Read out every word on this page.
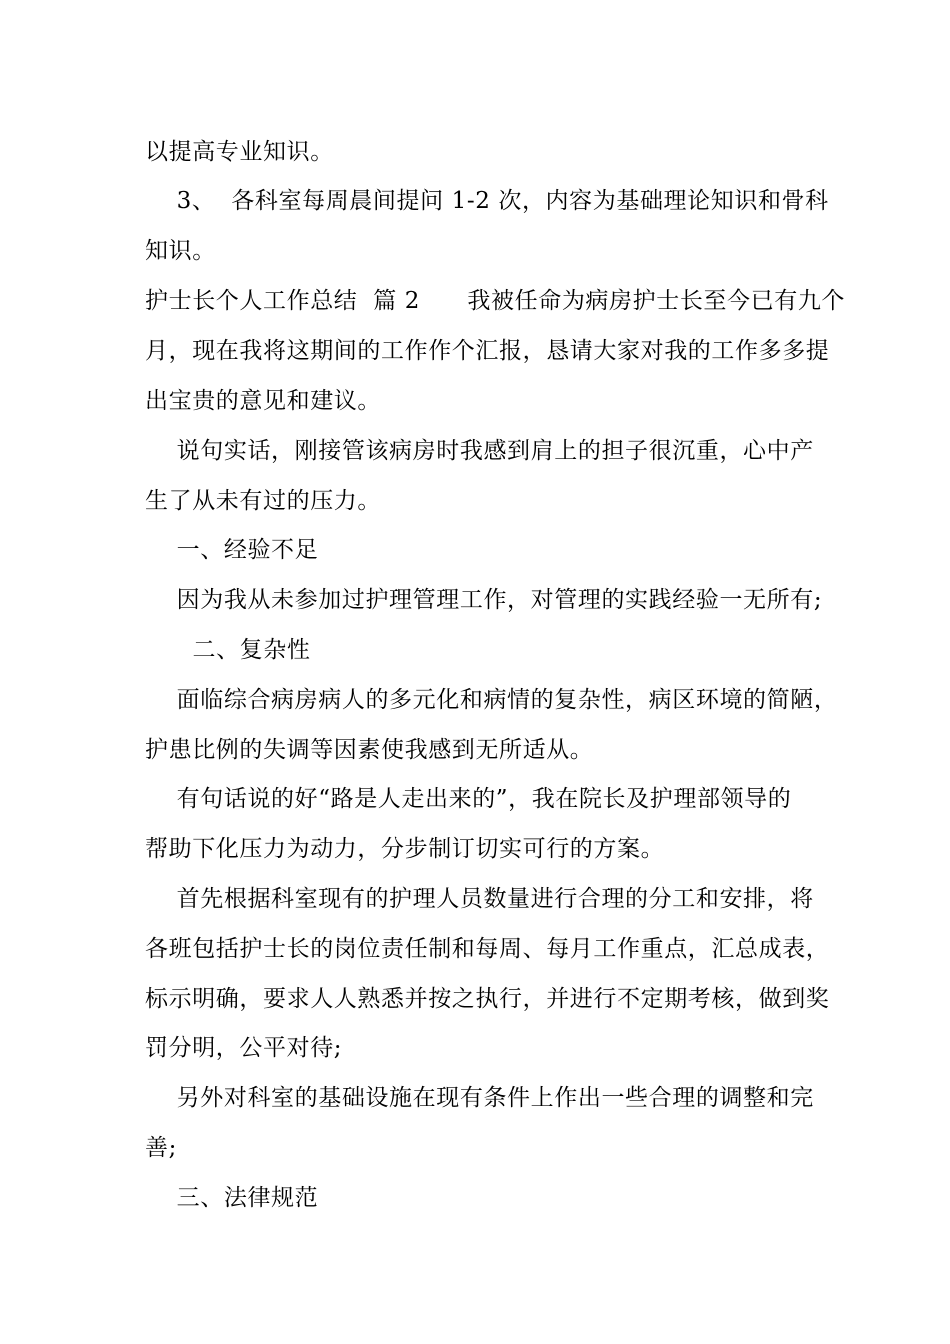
以提高专业知识。
3、  各科室每周晨间提问 1-2 次，内容为基础理论知识和骨科
知识。
护士长个人工作总结  篇 2      我被任命为病房护士长至今已有九个
月，现在我将这期间的工作作个汇报，恳请大家对我的工作多多提
出宝贵的意见和建议。
说句实话，刚接管该病房时我感到肩上的担子很沉重，心中产
生了从未有过的压力。
一、经验不足
因为我从未参加过护理管理工作，对管理的实践经验一无所有;
二、复杂性
面临综合病房病人的多元化和病情的复杂性，病区环境的简陋，
护患比例的失调等因素使我感到无所适从。
有句话说的好“路是人走出来的”，我在院长及护理部领导的
帮助下化压力为动力，分步制订切实可行的方案。
首先根据科室现有的护理人员数量进行合理的分工和安排，将
各班包括护士长的岗位责任制和每周、每月工作重点，汇总成表，
标示明确，要求人人熟悉并按之执行，并进行不定期考核，做到奖
罚分明，公平对待;
另外对科室的基础设施在现有条件上作出一些合理的调整和完
善;
三、法律规范
